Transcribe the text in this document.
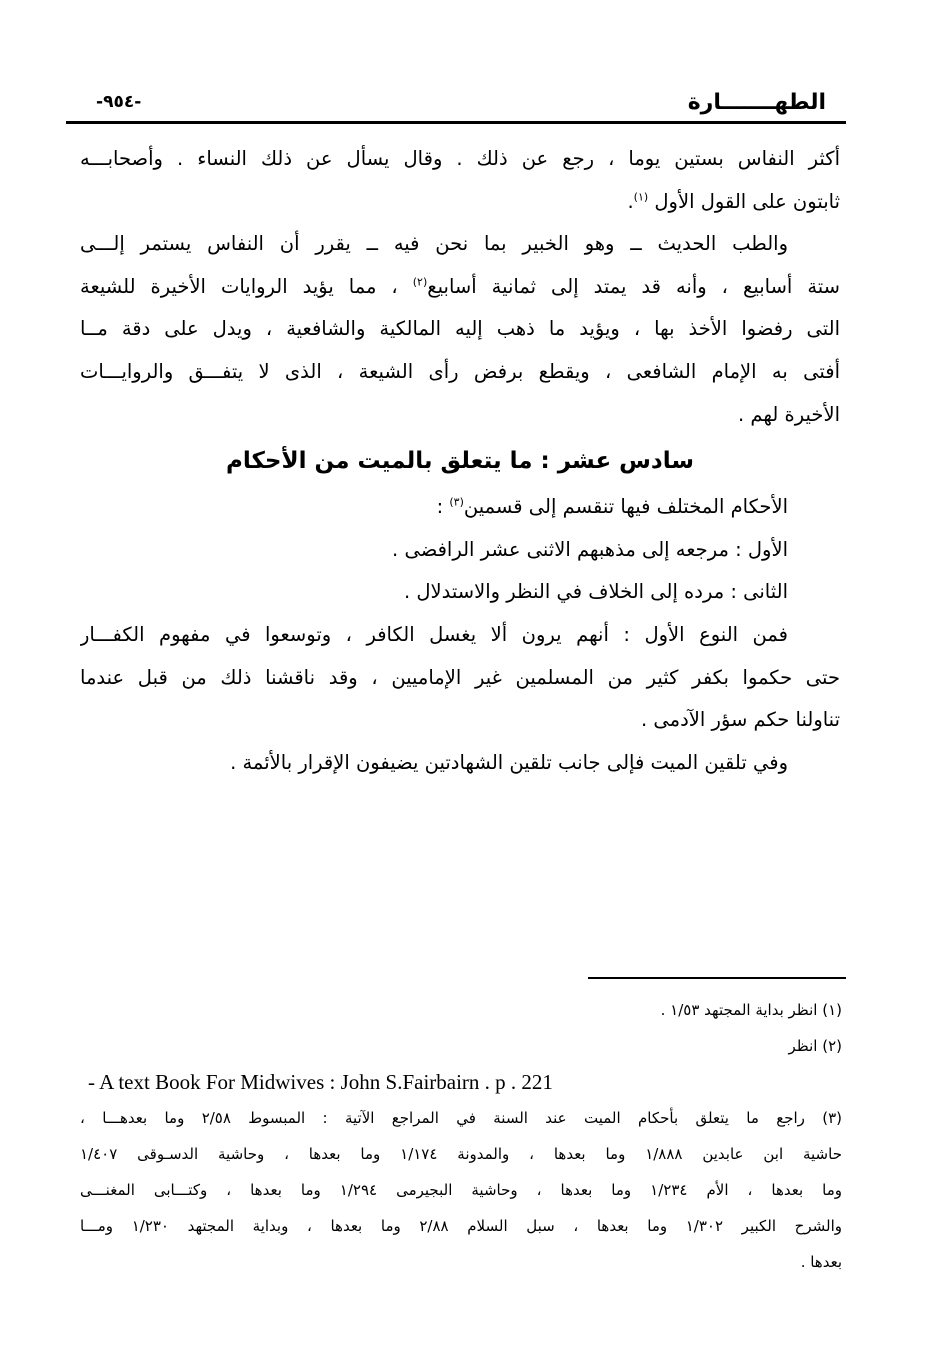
الطهـــــــارة
-٩٥٤-
أكثر النفاس بستين يوما ، رجع عن ذلك . وقال يسأل عن ذلك النساء . وأصحابـــه
ثابتون على القول الأول $^{(١)}$.
والطب الحديث ــ وهو الخبير بما نحن فيه ــ يقرر أن النفاس يستمر إلـــى
ستة أسابيع ، وأنه قد يمتد إلى ثمانية أسابيع$^{(٢)}$ ، مما يؤيد الروايات الأخيرة للشيعة
التى رفضوا الأخذ بها ، ويؤيد ما ذهب إليه المالكية والشافعية ، ويدل على دقة مــا
أفتى به الإمام الشافعى ، ويقطع برفض رأى الشيعة ، الذى لا يتفـــق والروايـــات
الأخيرة لهم .
سادس عشر : ما يتعلق بالميت من الأحكام
الأحكام المختلف فيها تنقسم إلى قسمين$^{(٣)}$ :
الأول : مرجعه إلى مذهبهم الاثنى عشر الرافضى .
الثانى : مرده إلى الخلاف في النظر والاستدلال .
فمن النوع الأول : أنهم يرون ألا يغسل الكافر ، وتوسعوا في مفهوم الكفـــار
حتى حكموا بكفر كثير من المسلمين غير الإماميين ، وقد ناقشنا ذلك من قبل عندما
تناولنا حكم سؤر الآدمى .
وفي تلقين الميت فإلى جانب تلقين الشهادتين يضيفون الإقرار بالأئمة .
(١) انظر بداية المجتهد ١/٥٣ .
(٢) انظر
- A text Book For Midwives : John S.Fairbairn . p . 221
(٣) راجع ما يتعلق بأحكام الميت عند السنة في المراجع الآتية : المبسوط ٢/٥٨ وما بعدهـــا ،
حاشية ابن عابدين ١/٨٨٨ وما بعدها ، والمدونة ١/١٧٤ وما بعدها ، وحاشية الدسـوقى ١/٤٠٧
وما بعدها ، الأم ١/٢٣٤ وما بعدها ، وحاشية البجيرمى ١/٢٩٤ وما بعدها ، وكتـــابى المغنـــى
والشرح الكبير ١/٣٠٢ وما بعدها ، سبل السلام ٢/٨٨ وما بعدها ، وبداية المجتهد ١/٢٣٠ ومـــا
بعدها .
